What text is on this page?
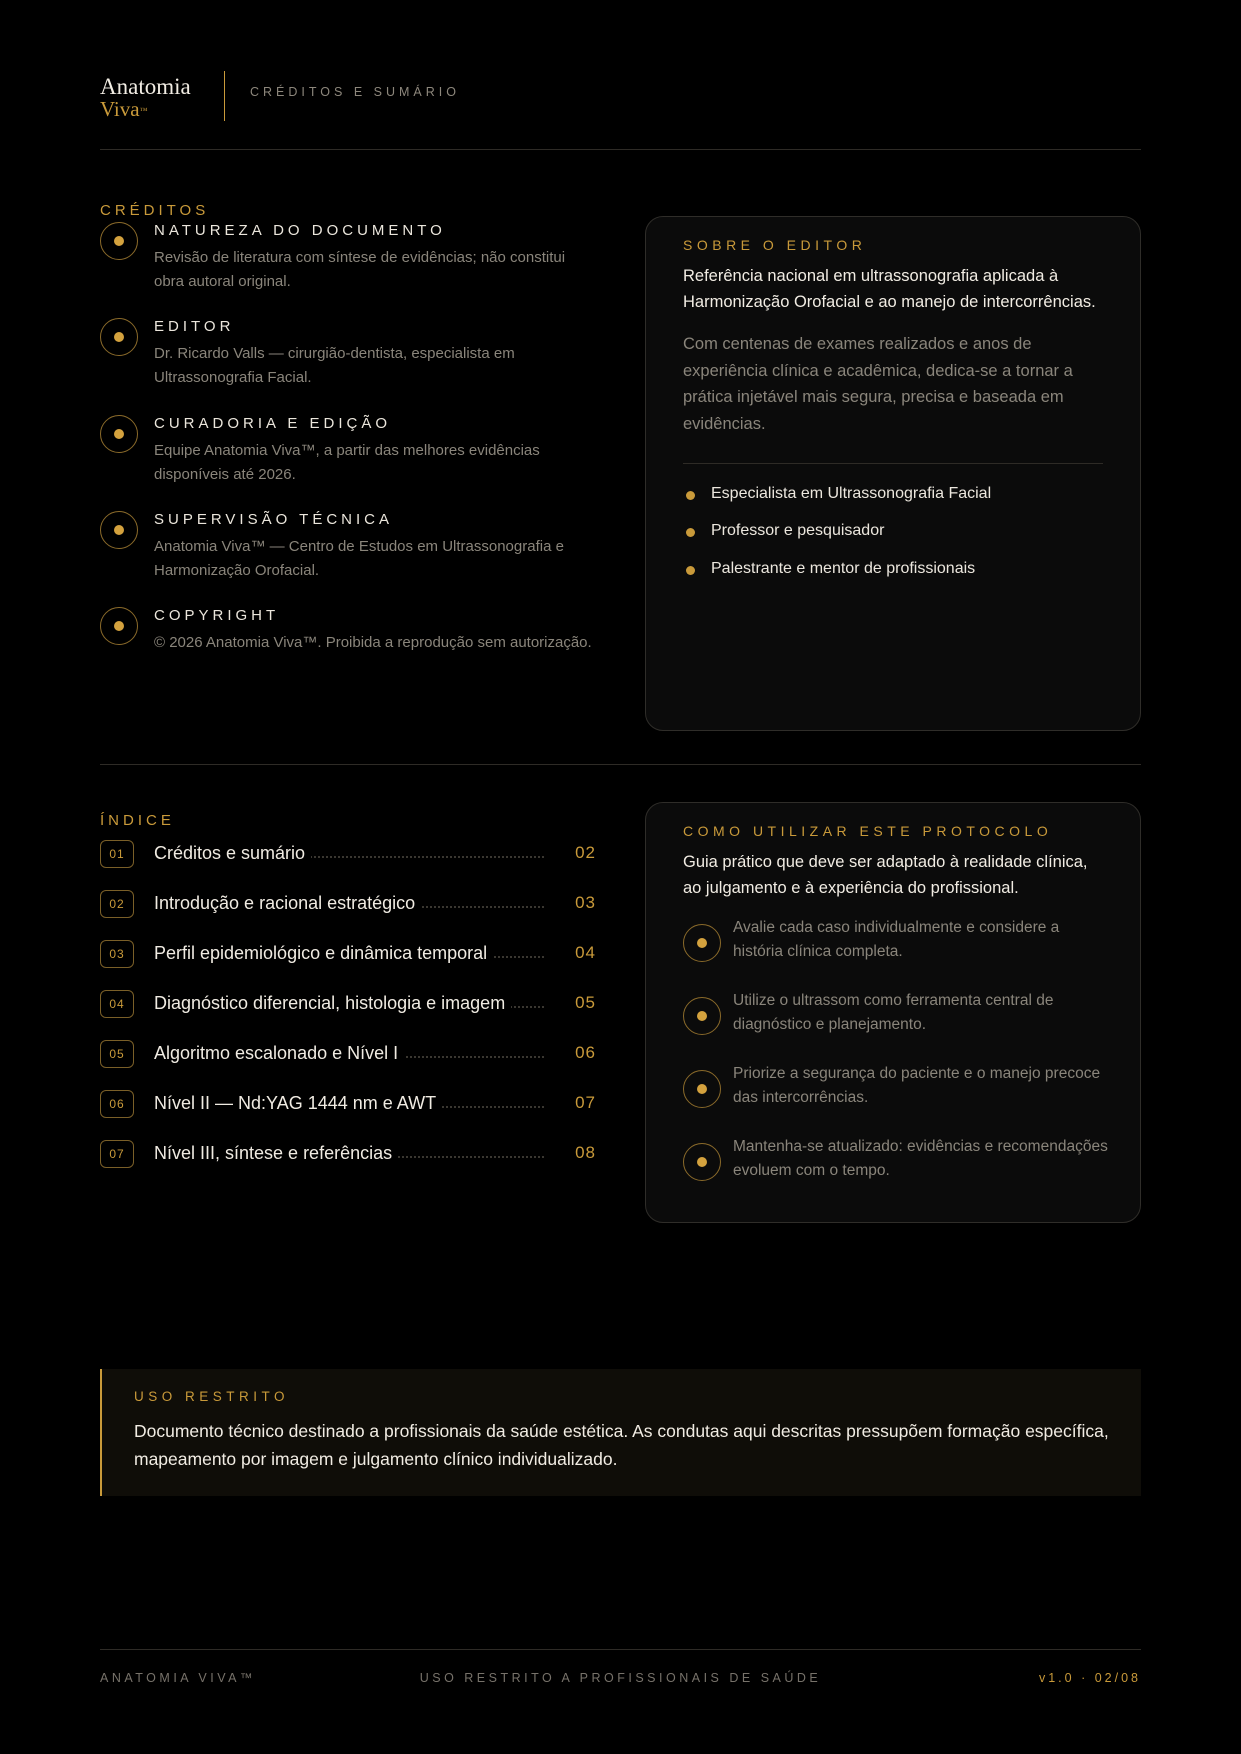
Anatomia
Viva™
CRÉDITOS E SUMÁRIO
CRÉDITOS
NATUREZA DO DOCUMENTO
Revisão de literatura com síntese de evidências; não constitui obra autoral original.
EDITOR
Dr. Ricardo Valls — cirurgião-dentista, especialista em Ultrassonografia Facial.
CURADORIA E EDIÇÃO
Equipe Anatomia Viva™, a partir das melhores evidências disponíveis até 2026.
SUPERVISÃO TÉCNICA
Anatomia Viva™ — Centro de Estudos em Ultrassonografia e Harmonização Orofacial.
COPYRIGHT
© 2026 Anatomia Viva™. Proibida a reprodução sem autorização.
SOBRE O EDITOR
Referência nacional em ultrassonografia aplicada à Harmonização Orofacial e ao manejo de intercorrências.
Com centenas de exames realizados e anos de experiência clínica e acadêmica, dedica-se a tornar a prática injetável mais segura, precisa e baseada em evidências.
Especialista em Ultrassonografia Facial
Professor e pesquisador
Palestrante e mentor de profissionais
ÍNDICE
01	Créditos e sumário	02
02	Introdução e racional estratégico	03
03	Perfil epidemiológico e dinâmica temporal	04
04	Diagnóstico diferencial, histologia e imagem	05
05	Algoritmo escalonado e Nível I	06
06	Nível II — Nd:YAG 1444 nm e AWT	07
07	Nível III, síntese e referências	08
COMO UTILIZAR ESTE PROTOCOLO
Guia prático que deve ser adaptado à realidade clínica, ao julgamento e à experiência do profissional.
Avalie cada caso individualmente e considere a história clínica completa.
Utilize o ultrassom como ferramenta central de diagnóstico e planejamento.
Priorize a segurança do paciente e o manejo precoce das intercorrências.
Mantenha-se atualizado: evidências e recomendações evoluem com o tempo.
USO RESTRITO
Documento técnico destinado a profissionais da saúde estética. As condutas aqui descritas pressupõem formação específica, mapeamento por imagem e julgamento clínico individualizado.
ANATOMIA VIVA™	USO RESTRITO A PROFISSIONAIS DE SAÚDE	v1.0 · 02/08
